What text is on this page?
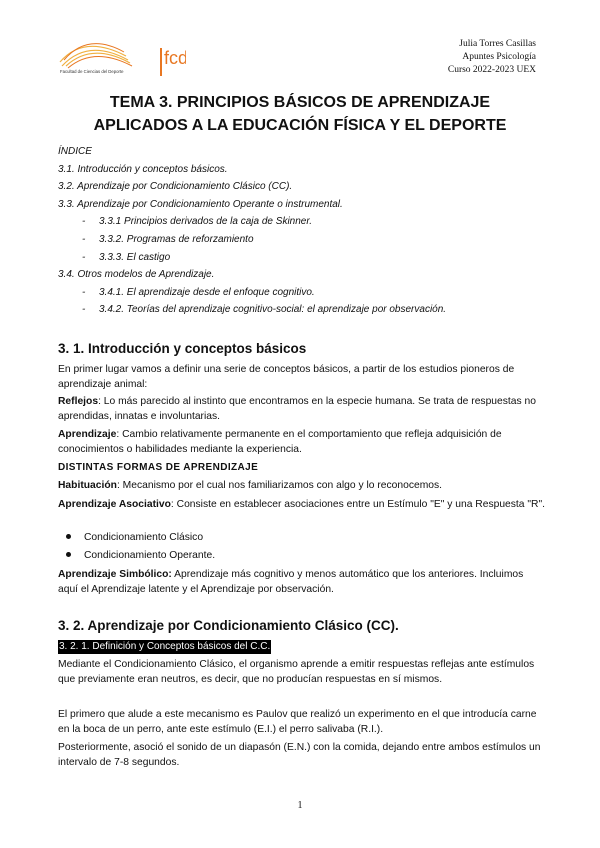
fcd
Facultad de Ciencias del Deporte
Julia Torres Casillas
Apuntes Psicología
Curso 2022-2023 UEX
TEMA 3. PRINCIPIOS BÁSICOS DE APRENDIZAJE
APLICADOS A LA EDUCACIÓN FÍSICA Y EL DEPORTE
ÍNDICE
3.1. Introducción y conceptos básicos.
3.2. Aprendizaje por Condicionamiento Clásico (CC).
3.3. Aprendizaje por Condicionamiento Operante o instrumental.
- 3.3.1 Principios derivados de la caja de Skinner.
- 3.3.2. Programas de reforzamiento
- 3.3.3. El castigo
3.4. Otros modelos de Aprendizaje.
- 3.4.1. El aprendizaje desde el enfoque cognitivo.
- 3.4.2. Teorías del aprendizaje cognitivo-social: el aprendizaje por observación.
3. 1. Introducción y conceptos básicos
En primer lugar vamos a definir una serie de conceptos básicos, a partir de los estudios pioneros de aprendizaje animal:
Reflejos: Lo más parecido al instinto que encontramos en la especie humana. Se trata de respuestas no aprendidas, innatas e involuntarias.
Aprendizaje: Cambio relativamente permanente en el comportamiento que refleja adquisición de conocimientos o habilidades mediante la experiencia.
DISTINTAS FORMAS DE APRENDIZAJE
Habituación: Mecanismo por el cual nos familiarizamos con algo y lo reconocemos.
Aprendizaje Asociativo: Consiste en establecer asociaciones entre un Estímulo "E" y una Respuesta "R".
Condicionamiento Clásico
Condicionamiento Operante.
Aprendizaje Simbólico: Aprendizaje más cognitivo y menos automático que los anteriores. Incluimos aquí el Aprendizaje latente y el Aprendizaje por observación.
3. 2. Aprendizaje por Condicionamiento Clásico (CC).
3. 2. 1. Definición y Conceptos básicos del C.C.
Mediante el Condicionamiento Clásico, el organismo aprende a emitir respuestas reflejas ante estímulos que previamente eran neutros, es decir, que no producían respuestas en sí mismos.
El primero que alude a este mecanismo es Paulov que realizó un experimento en el que introducía carne en la boca de un perro, ante este estímulo (E.I.) el perro salivaba (R.I.).
Posteriormente, asoció el sonido de un diapasón (E.N.) con la comida, dejando entre ambos estímulos un intervalo de 7-8 segundos.
1
